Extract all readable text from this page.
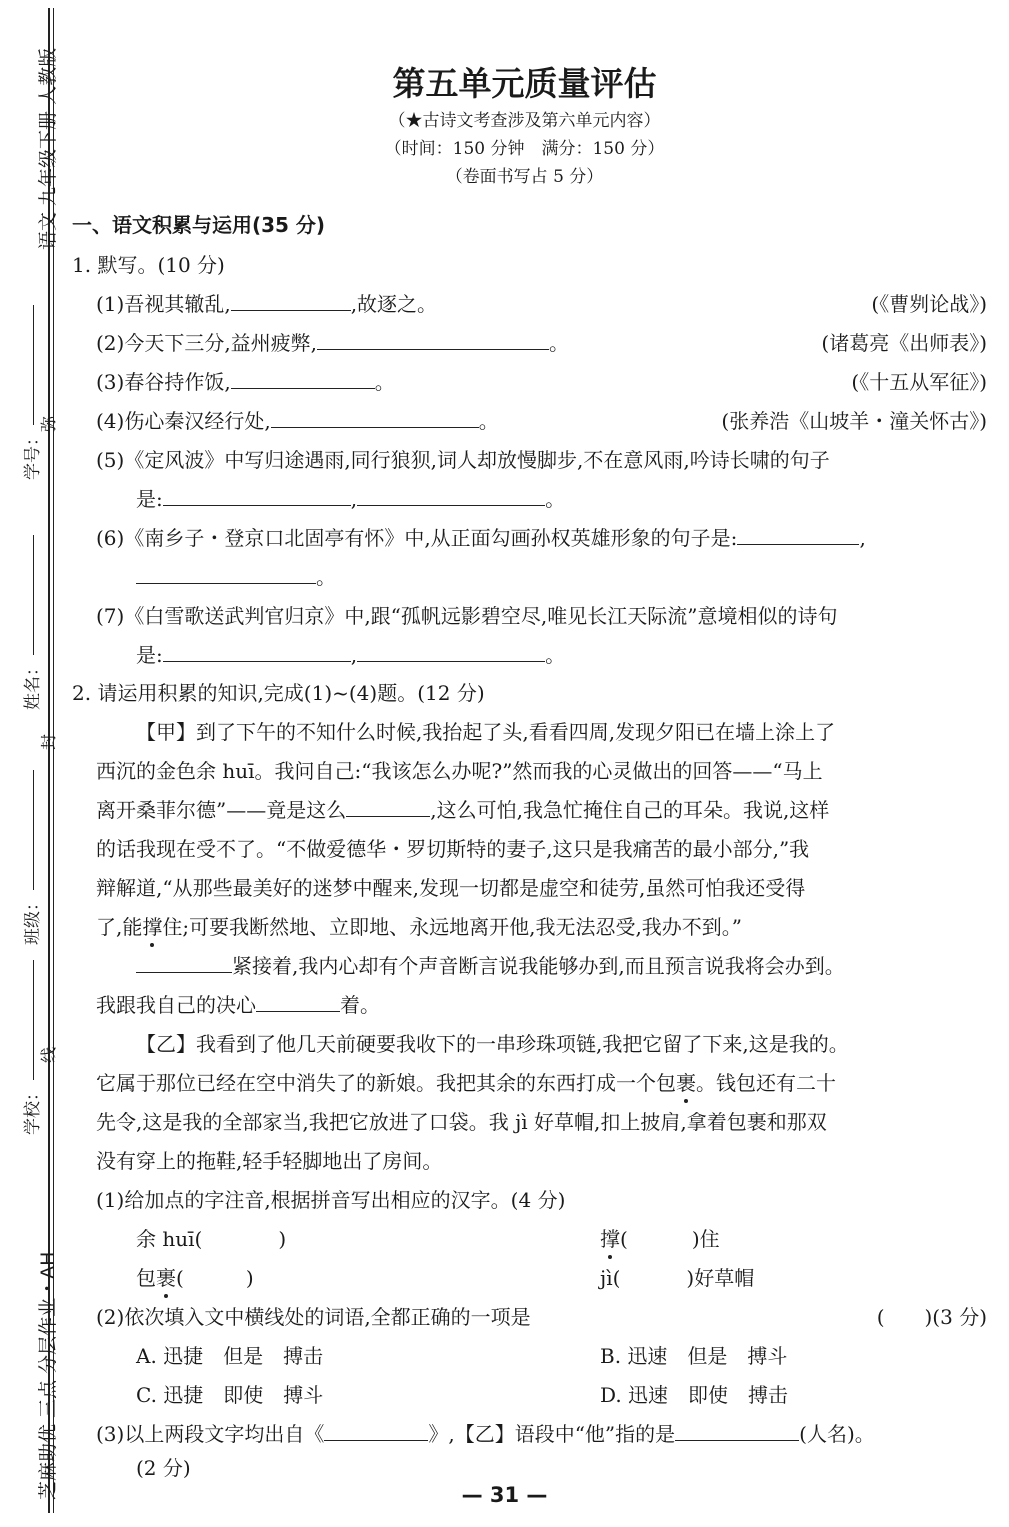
语文 九年级下册 人教版
芝麻助优 三点 分层作业・AH
学校：
班级：
姓名：
学号：
弥
封
线
第五单元质量评估
（★古诗文考查涉及第六单元内容）
（时间：150 分钟　满分：150 分）
（卷面书写占 5 分）
一、语文积累与运用(35 分)
1. 默写。(10 分)
(1)吾视其辙乱,	,故逐之。	(《曹刿论战》)
(2)今天下三分,益州疲弊,	。	(诸葛亮《出师表》)
(3)春谷持作饭,	。	(《十五从军征》)
(4)伤心秦汉经行处,	。	(张养浩《山坡羊・潼关怀古》)
(5)《定风波》中写归途遇雨,同行狼狈,词人却放慢脚步,不在意风雨,吟诗长啸的句子
是:	,	。
(6)《南乡子・登京口北固亭有怀》中,从正面勾画孙权英雄形象的句子是:	,
。
(7)《白雪歌送武判官归京》中,跟“孤帆远影碧空尽,唯见长江天际流”意境相似的诗句
是:	,	。
2. 请运用积累的知识,完成(1)~(4)题。(12 分)
【甲】到了下午的不知什么时候,我抬起了头,看看四周,发现夕阳已在墙上涂上了
西沉的金色余 huī。我问自己:“我该怎么办呢?”然而我的心灵做出的回答——“马上
离开桑菲尔德”——竟是这么	,这么可怕,我急忙掩住自己的耳朵。我说,这样
的话我现在受不了。“不做爱德华・罗切斯特的妻子,这只是我痛苦的最小部分,”我
辩解道,“从那些最美好的迷梦中醒来,发现一切都是虚空和徒劳,虽然可怕我还受得
了,能撑住;可要我断然地、立即地、永远地离开他,我无法忍受,我办不到。”
紧接着,我内心却有个声音断言说我能够办到,而且预言说我将会办到。
我跟我自己的决心	着。
【乙】我看到了他几天前硬要我收下的一串珍珠项链,我把它留了下来,这是我的。
它属于那位已经在空中消失了的新娘。我把其余的东西打成一个包裹。钱包还有二十
先令,这是我的全部家当,我把它放进了口袋。我 jì 好草帽,扣上披肩,拿着包裹和那双
没有穿上的拖鞋,轻手轻脚地出了房间。
(1)给加点的字注音,根据拼音写出相应的汉字。(4 分)
余 huī(	)	撑(	)住
包裹(	)	jì(	)好草帽
(2)依次填入文中横线处的词语,全都正确的一项是	(　　)(3 分)
A. 迅捷　但是　搏击	B. 迅速　但是　搏斗
C. 迅捷　即使　搏斗	D. 迅速　即使　搏击
(3)以上两段文字均出自《	》,【乙】语段中“他”指的是	(人名)。
(2 分)
— 31 —
